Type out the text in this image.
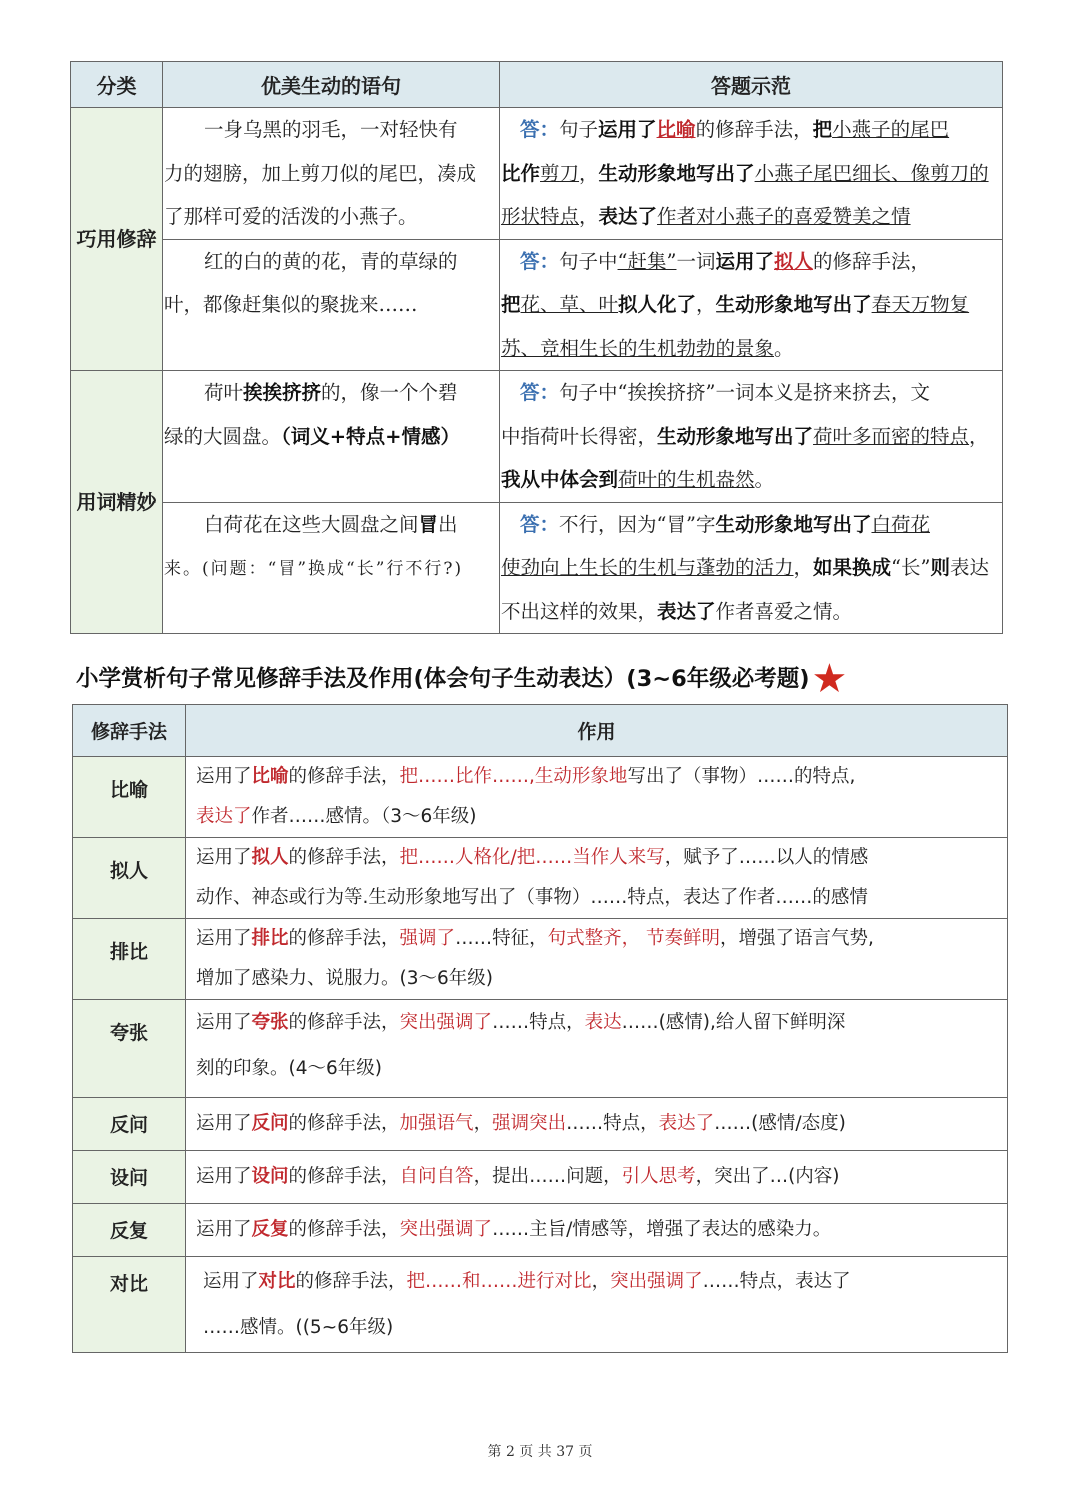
分类	优美生动的语句	答题示范
巧用修辞	一身乌黑的羽毛，一对轻快有
力的翅膀，加上剪刀似的尾巴，凑成了那样可爱的活泼的小燕子。	答：句子运用了比喻的修辞手法，把小燕子的尾巴
比作剪刀，生动形象地写出了小燕子尾巴细长、像剪刀的形状特点，表达了作者对小燕子的喜爱赞美之情

	红的白的黄的花，青的草绿的
叶，都像赶集似的聚拢来……	答：句子中“赶集”一词运用了拟人的修辞手法，
把花、草、叶拟人化了，生动形象地写出了春天万物复苏、竞相生长的生机勃勃的景象。
用词精妙	荷叶挨挨挤挤的，像一个个碧
绿的大圆盘。（词义+特点+情感）	答：句子中“挨挨挤挤”一词本义是挤来挤去，文
中指荷叶长得密，生动形象地写出了荷叶多而密的特点，我从中体会到荷叶的生机盎然。

	白荷花在这些大圆盘之间冒出
来。(问题：“冒”换成“长”行不行?)	答：不行，因为“冒”字生动形象地写出了白荷花
使劲向上生长的生机与蓬勃的活力，如果换成“长”则表达不出这样的效果，表达了作者喜爱之情。
小学赏析句子常见修辞手法及作用(体会句子生动表达）(3~6年级必考题)★
修辞手法	作用
比喻	运用了比喻的修辞手法，把……比作……,生动形象地写出了（事物）……的特点,
表达了作者……感情。（3～6年级)
拟人	运用了拟人的修辞手法，把……人格化/把……当作人来写，赋予了……以人的情感
动作、神态或行为等.生动形象地写出了（事物）……特点，表达了作者……的感情
排比	运用了排比的修辞手法，强调了……特征，句式整齐， 节奏鲜明，增强了语言气势,
增加了感染力、说服力。(3～6年级)
夸张	运用了夸张的修辞手法，突出强调了……特点，表达……(感情),给人留下鲜明深
刻的印象。(4～6年级)
反问	运用了反问的修辞手法，加强语气，强调突出……特点，表达了……(感情/态度)
设问	运用了设问的修辞手法，自问自答，提出……问题，引人思考，突出了…(内容)
反复	运用了反复的修辞手法，突出强调了……主旨/情感等，增强了表达的感染力。
对比	运用了对比的修辞手法，把……和……进行对比，突出强调了……特点，表达了
……感情。((5~6年级)
第 2 页 共 37 页
